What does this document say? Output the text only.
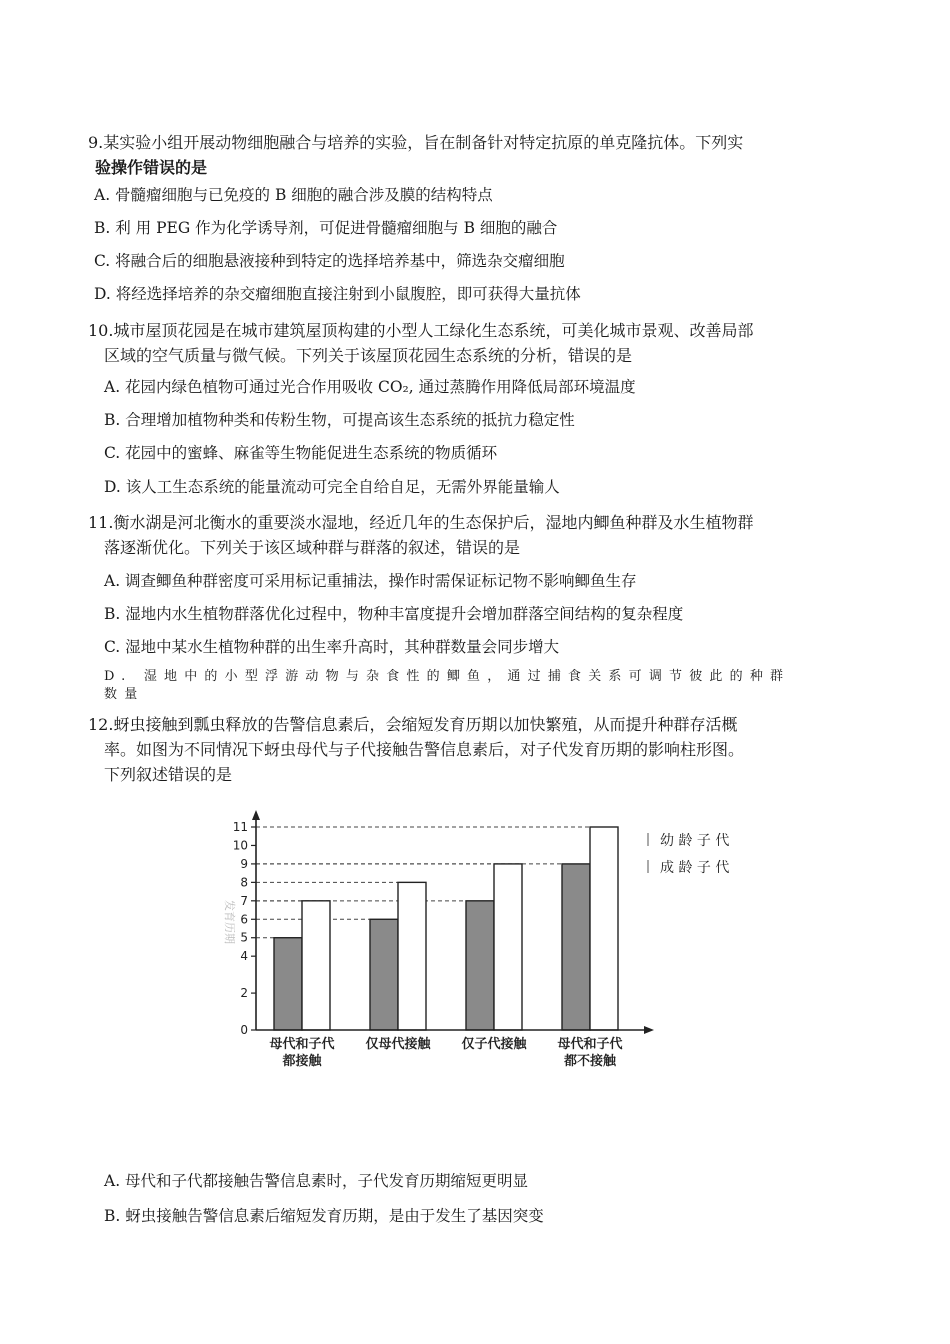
9.某实验小组开展动物细胞融合与培养的实验，旨在制备针对特定抗原的单克隆抗体。下列实
验操作错误的是
A. 骨髓瘤细胞与已免疫的 B 细胞的融合涉及膜的结构特点
B. 利 用 PEG 作为化学诱导剂，可促进骨髓瘤细胞与 B 细胞的融合
C. 将融合后的细胞悬液接种到特定的选择培养基中，筛选杂交瘤细胞
D. 将经选择培养的杂交瘤细胞直接注射到小鼠腹腔，即可获得大量抗体
10.城市屋顶花园是在城市建筑屋顶构建的小型人工绿化生态系统，可美化城市景观、改善局部
区域的空气质量与微气候。下列关于该屋顶花园生态系统的分析，错误的是
A. 花园内绿色植物可通过光合作用吸收 CO₂, 通过蒸腾作用降低局部环境温度
B. 合理增加植物种类和传粉生物，可提高该生态系统的抵抗力稳定性
C. 花园中的蜜蜂、麻雀等生物能促进生态系统的物质循环
D. 该人工生态系统的能量流动可完全自给自足，无需外界能量输人
11.衡水湖是河北衡水的重要淡水湿地，经近几年的生态保护后，湿地内鲫鱼种群及水生植物群
落逐渐优化。下列关于该区域种群与群落的叙述，错误的是
A. 调查鲫鱼种群密度可采用标记重捕法，操作时需保证标记物不影响鲫鱼生存
B. 湿地内水生植物群落优化过程中，物种丰富度提升会增加群落空间结构的复杂程度
C. 湿地中某水生植物种群的出生率升高时，其种群数量会同步增大
D. 湿地中的小型浮游动物与杂食性的鲫鱼，通过捕食关系可调节彼此的种群
数量
12.蚜虫接触到瓢虫释放的告警信息素后，会缩短发育历期以加快繁殖，从而提升种群存活概
率。如图为不同情况下蚜虫母代与子代接触告警信息素后，对子代发育历期的影响柱形图。
下列叙述错误的是
0
2
4
5
6
7
8
9
10
11
母代和子代
都接触
仅母代接触 仅子代接触 母代和子代
都不接触
发育历期
幼 龄 子 代
成 龄 子 代
A. 母代和子代都接触告警信息素时，子代发育历期缩短更明显
B. 蚜虫接触告警信息素后缩短发育历期，是由于发生了基因突变
